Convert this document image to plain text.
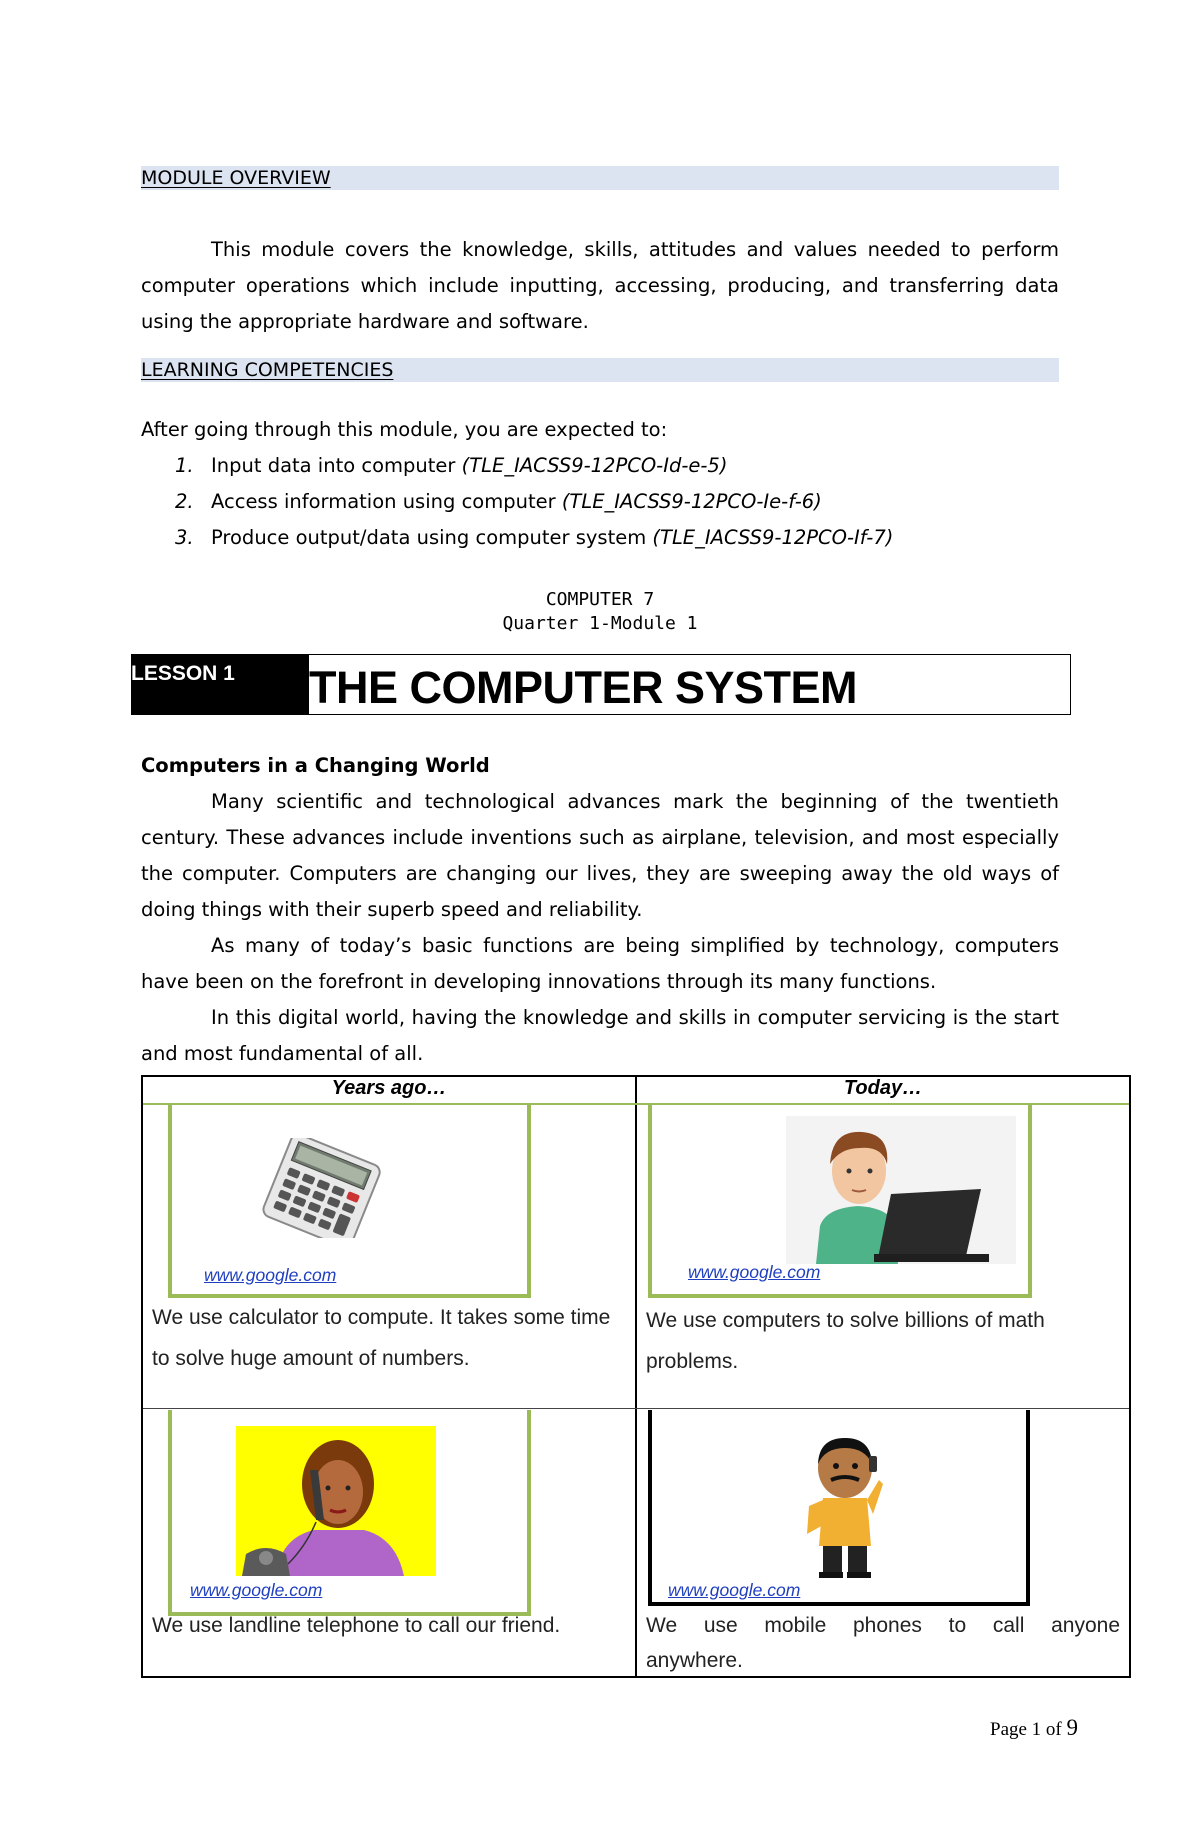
MODULE OVERVIEW
This module covers the knowledge, skills, attitudes and values needed to perform computer operations which include inputting, accessing, producing, and transferring data using the appropriate hardware and software.
LEARNING COMPETENCIES
After going through this module, you are expected to:
1. Input data into computer (TLE_IACSS9-12PCO-Id-e-5)
2. Access information using computer (TLE_IACSS9-12PCO-Ie-f-6)
3. Produce output/data using computer system (TLE_IACSS9-12PCO-If-7)
COMPUTER 7
Quarter 1-Module 1
LESSON 1	THE COMPUTER SYSTEM
Computers in a Changing World
Many scientific and technological advances mark the beginning of the twentieth century. These advances include inventions such as airplane, television, and most especially the computer. Computers are changing our lives, they are sweeping away the old ways of doing things with their superb speed and reliability.
As many of today’s basic functions are being simplified by technology, computers have been on the forefront in developing innovations through its many functions.
In this digital world, having the knowledge and skills in computer servicing is the start and most fundamental of all.
Years ago…	Today…
www.google.com
We use calculator to compute. It takes some time to solve huge amount of numbers.
www.google.com
We use computers to solve billions of math problems.
www.google.com
We use landline telephone to call our friend.
www.google.com
We use mobile phones to call anyone
anywhere.
Page 1 of 9
